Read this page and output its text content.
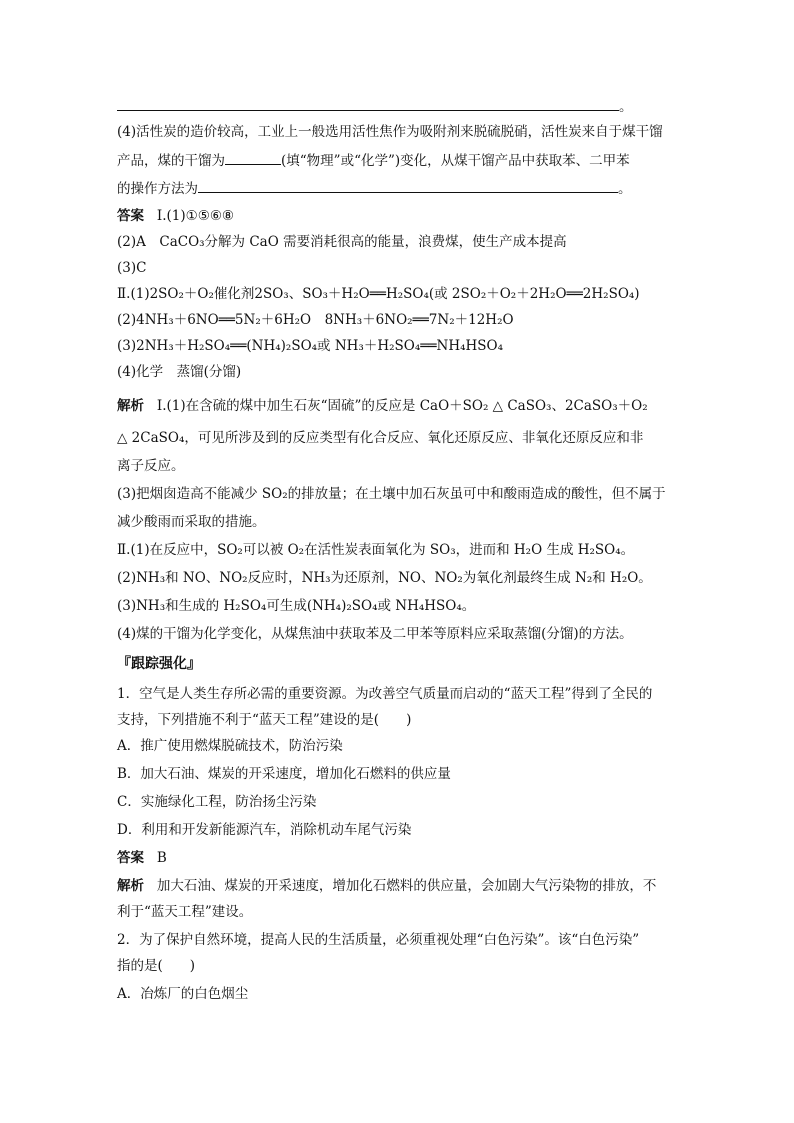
。
(4)活性炭的造价较高，工业上一般选用活性焦作为吸附剂来脱硫脱硝，活性炭来自于煤干馏
产品，煤的干馏为	(填“物理”或“化学”)变化，从煤干馏产品中获取苯、二甲苯
的操作方法为	。
答案 Ⅰ.(1)①⑤⑥⑧
(2)A　CaCO₃分解为 CaO 需要消耗很高的能量，浪费煤，使生产成本提高
(3)C
Ⅱ.(1)2SO₂＋O₂催化剂2SO₃、SO₃＋H₂O══H₂SO₄(或 2SO₂＋O₂＋2H₂O══2H₂SO₄)
(2)4NH₃＋6NO══5N₂＋6H₂O　8NH₃＋6NO₂══7N₂＋12H₂O
(3)2NH₃＋H₂SO₄══(NH₄)₂SO₄或 NH₃＋H₂SO₄══NH₄HSO₄
(4)化学　蒸馏(分馏)
解析 Ⅰ.(1)在含硫的煤中加生石灰“固硫”的反应是 CaO＋SO₂ △ CaSO₃、2CaSO₃＋O₂
△ 2CaSO₄，可见所涉及到的反应类型有化合反应、氧化还原反应、非氧化还原反应和非
离子反应。
(3)把烟囱造高不能减少 SO₂的排放量；在土壤中加石灰虽可中和酸雨造成的酸性，但不属于
减少酸雨而采取的措施。
Ⅱ.(1)在反应中，SO₂可以被 O₂在活性炭表面氧化为 SO₃，进而和 H₂O 生成 H₂SO₄。
(2)NH₃和 NO、NO₂反应时，NH₃为还原剂，NO、NO₂为氧化剂最终生成 N₂和 H₂O。
(3)NH₃和生成的 H₂SO₄可生成(NH₄)₂SO₄或 NH₄HSO₄。
(4)煤的干馏为化学变化，从煤焦油中获取苯及二甲苯等原料应采取蒸馏(分馏)的方法。
『跟踪强化』
1．空气是人类生存所必需的重要资源。为改善空气质量而启动的“蓝天工程”得到了全民的
支持，下列措施不利于“蓝天工程”建设的是(　　)
A．推广使用燃煤脱硫技术，防治污染
B．加大石油、煤炭的开采速度，增加化石燃料的供应量
C．实施绿化工程，防治扬尘污染
D．利用和开发新能源汽车，消除机动车尾气污染
答案 B
解析 加大石油、煤炭的开采速度，增加化石燃料的供应量，会加剧大气污染物的排放，不
利于“蓝天工程”建设。
2．为了保护自然环境，提高人民的生活质量，必须重视处理“白色污染”。该“白色污染”
指的是(　　)
A．冶炼厂的白色烟尘
